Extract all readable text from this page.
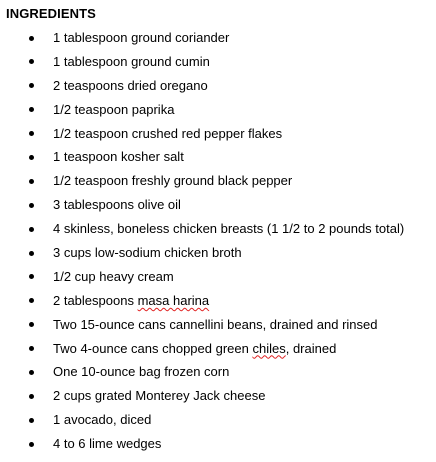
INGREDIENTS
1 tablespoon ground coriander
1 tablespoon ground cumin
2 teaspoons dried oregano
1/2 teaspoon paprika
1/2 teaspoon crushed red pepper flakes
1 teaspoon kosher salt
1/2 teaspoon freshly ground black pepper
3 tablespoons olive oil
4 skinless, boneless chicken breasts (1 1/2 to 2 pounds total)
3 cups low-sodium chicken broth
1/2 cup heavy cream
2 tablespoons masa harina
Two 15-ounce cans cannellini beans, drained and rinsed
Two 4-ounce cans chopped green chiles, drained
One 10-ounce bag frozen corn
2 cups grated Monterey Jack cheese
1 avocado, diced
4 to 6 lime wedges
